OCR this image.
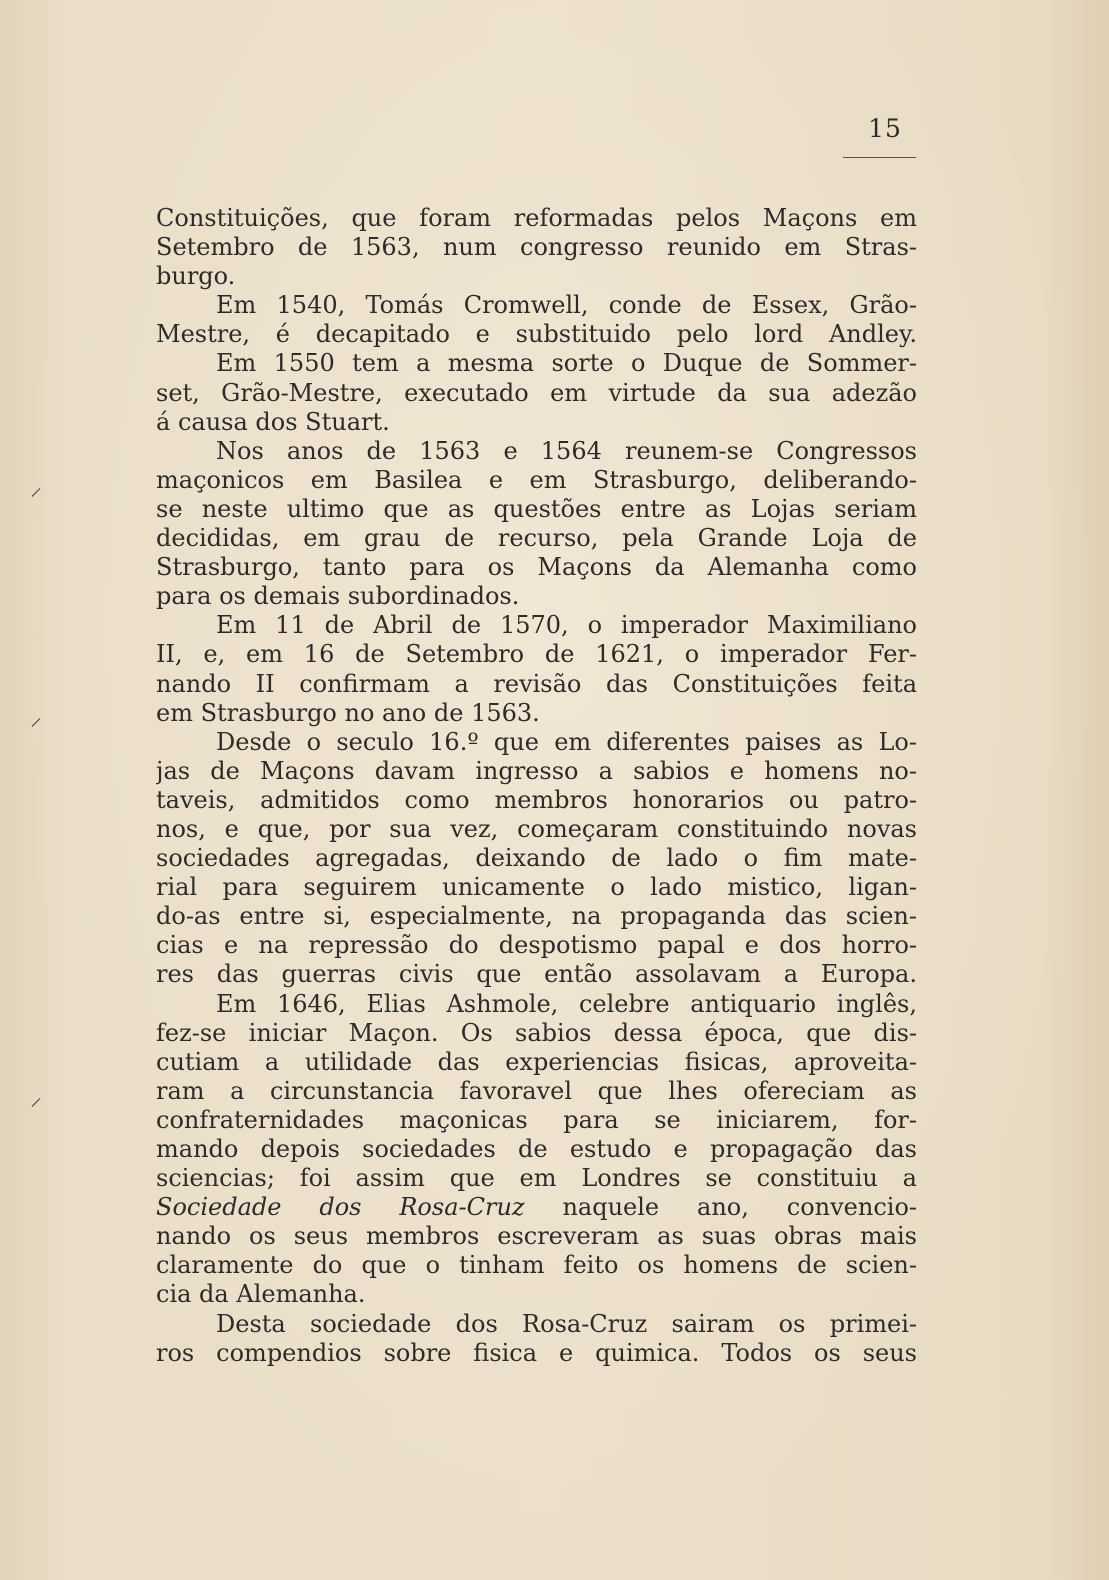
15
⸝
⸝
⸝
Constituições, que foram reformadas pelos Maçons em
Setembro de 1563, num congresso reunido em Stras-
burgo.
Em 1540, Tomás Cromwell, conde de Essex, Grão-
Mestre, é decapitado e substituido pelo lord Andley.
Em 1550 tem a mesma sorte o Duque de Sommer-
set, Grão-Mestre, executado em virtude da sua adezão
á causa dos Stuart.
Nos anos de 1563 e 1564 reunem-se Congressos
maçonicos em Basilea e em Strasburgo, deliberando-
se neste ultimo que as questões entre as Lojas seriam
decididas, em grau de recurso, pela Grande Loja de
Strasburgo, tanto para os Maçons da Alemanha como
para os demais subordinados.
Em 11 de Abril de 1570, o imperador Maximiliano
II, e, em 16 de Setembro de 1621, o imperador Fer-
nando II confirmam a revisão das Constituições feita
em Strasburgo no ano de 1563.
Desde o seculo 16.º que em diferentes paises as Lo-
jas de Maçons davam ingresso a sabios e homens no-
taveis, admitidos como membros honorarios ou patro-
nos, e que, por sua vez, começaram constituindo novas
sociedades agregadas, deixando de lado o fim mate-
rial para seguirem unicamente o lado mistico, ligan-
do-as entre si, especialmente, na propaganda das scien-
cias e na repressão do despotismo papal e dos horro-
res das guerras civis que então assolavam a Europa.
Em 1646, Elias Ashmole, celebre antiquario inglês,
fez-se iniciar Maçon. Os sabios dessa época, que dis-
cutiam a utilidade das experiencias fisicas, aproveita-
ram a circunstancia favoravel que lhes ofereciam as
confraternidades maçonicas para se iniciarem, for-
mando depois sociedades de estudo e propagação das
sciencias; foi assim que em Londres se constituiu a
Sociedade dos Rosa-Cruz naquele ano, convencio-
nando os seus membros escreveram as suas obras mais
claramente do que o tinham feito os homens de scien-
cia da Alemanha.
Desta sociedade dos Rosa-Cruz sairam os primei-
ros compendios sobre fisica e quimica. Todos os seus
